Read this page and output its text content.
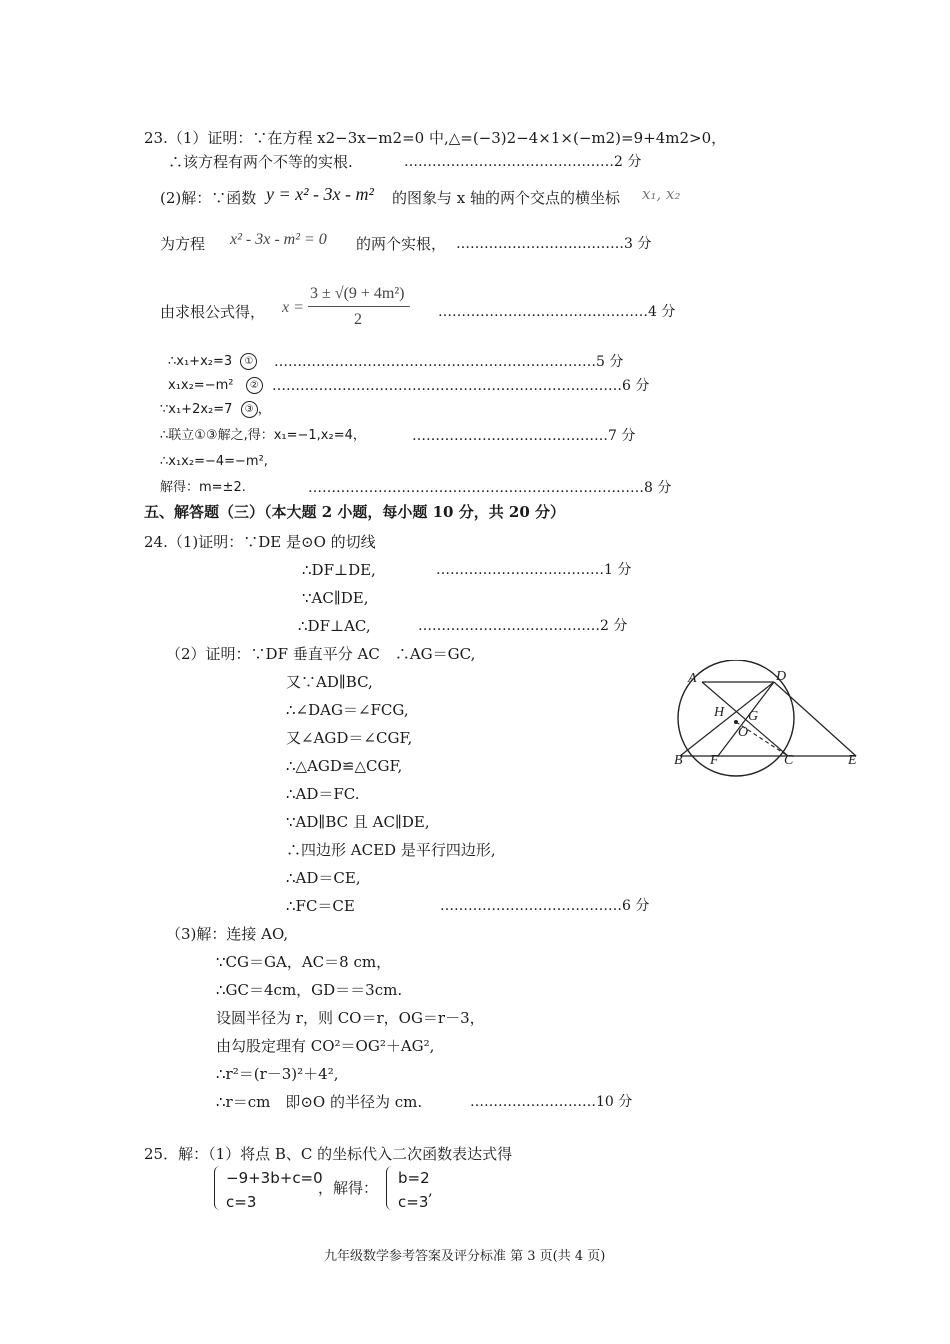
23.（1）证明：∵在方程 x2−3x−m2=0 中,△=(−3)2−4×1×(−m2)=9+4m2>0，
∴该方程有两个不等的实根.	………………………………………2 分
(2)解：∵函数 y = x² - 3x - m² 的图象与 x 轴的两个交点的横坐标 x₁, x₂
为方程 x² - 3x - m² = 0 的两个实根， ………………………………3 分
由求根公式得， x =
3 ± √(9 + 4m²)
2	………………………………………4 分
∴x₁+x₂=3 ① ……………………………………………………………5 分
x₁x₂=−m² ② …………………………………………………………………6 分
∵x₁+2x₂=7 ③ ，
∴联立①③解之,得：x₁=−1,x₂=4，	……………………………………7 分
∴x₁x₂=−4=−m²,
解得：m=±2.	………………………………………………………………8 分
五、解答题（三）（本大题 2 小题，每小题 10 分，共 20 分）
24.（1)证明：∵DE 是⊙O 的切线
∴DF⊥DE,	………………………………1 分
∵AC∥DE,
∴DF⊥AC,	…………………………………2 分
（2）证明：∵DF 垂直平分 AC　∴AG＝GC,
又∵AD∥BC,
∴∠DAG＝∠FCG,
又∠AGD＝∠CGF,
∴△AGD≌△CGF,
∴AD＝FC.
∵AD∥BC 且 AC∥DE,
∴四边形 ACED 是平行四边形,
∴AD＝CE,
∴FC＝CE	…………………………………6 分
（3)解：连接 AO,
∵CG＝GA，AC＝8 cm，
∴GC＝4cm，GD＝＝3cm.
设圆半径为 r，则 CO＝r，OG＝r－3，
由勾股定理有 CO²＝OG²＋AG²,
∴r²＝(r－3)²＋4²,
∴r＝cm　即⊙O 的半径为 cm.	………………………10 分
A	D
H G
O
B F	C	E
25．解：（1）将点 B、C 的坐标代入二次函数表达式得
−9+3b+c=0
c=3
，解得：
b=2
c=3
,
九年级数学参考答案及评分标准 第 3 页(共 4 页)
